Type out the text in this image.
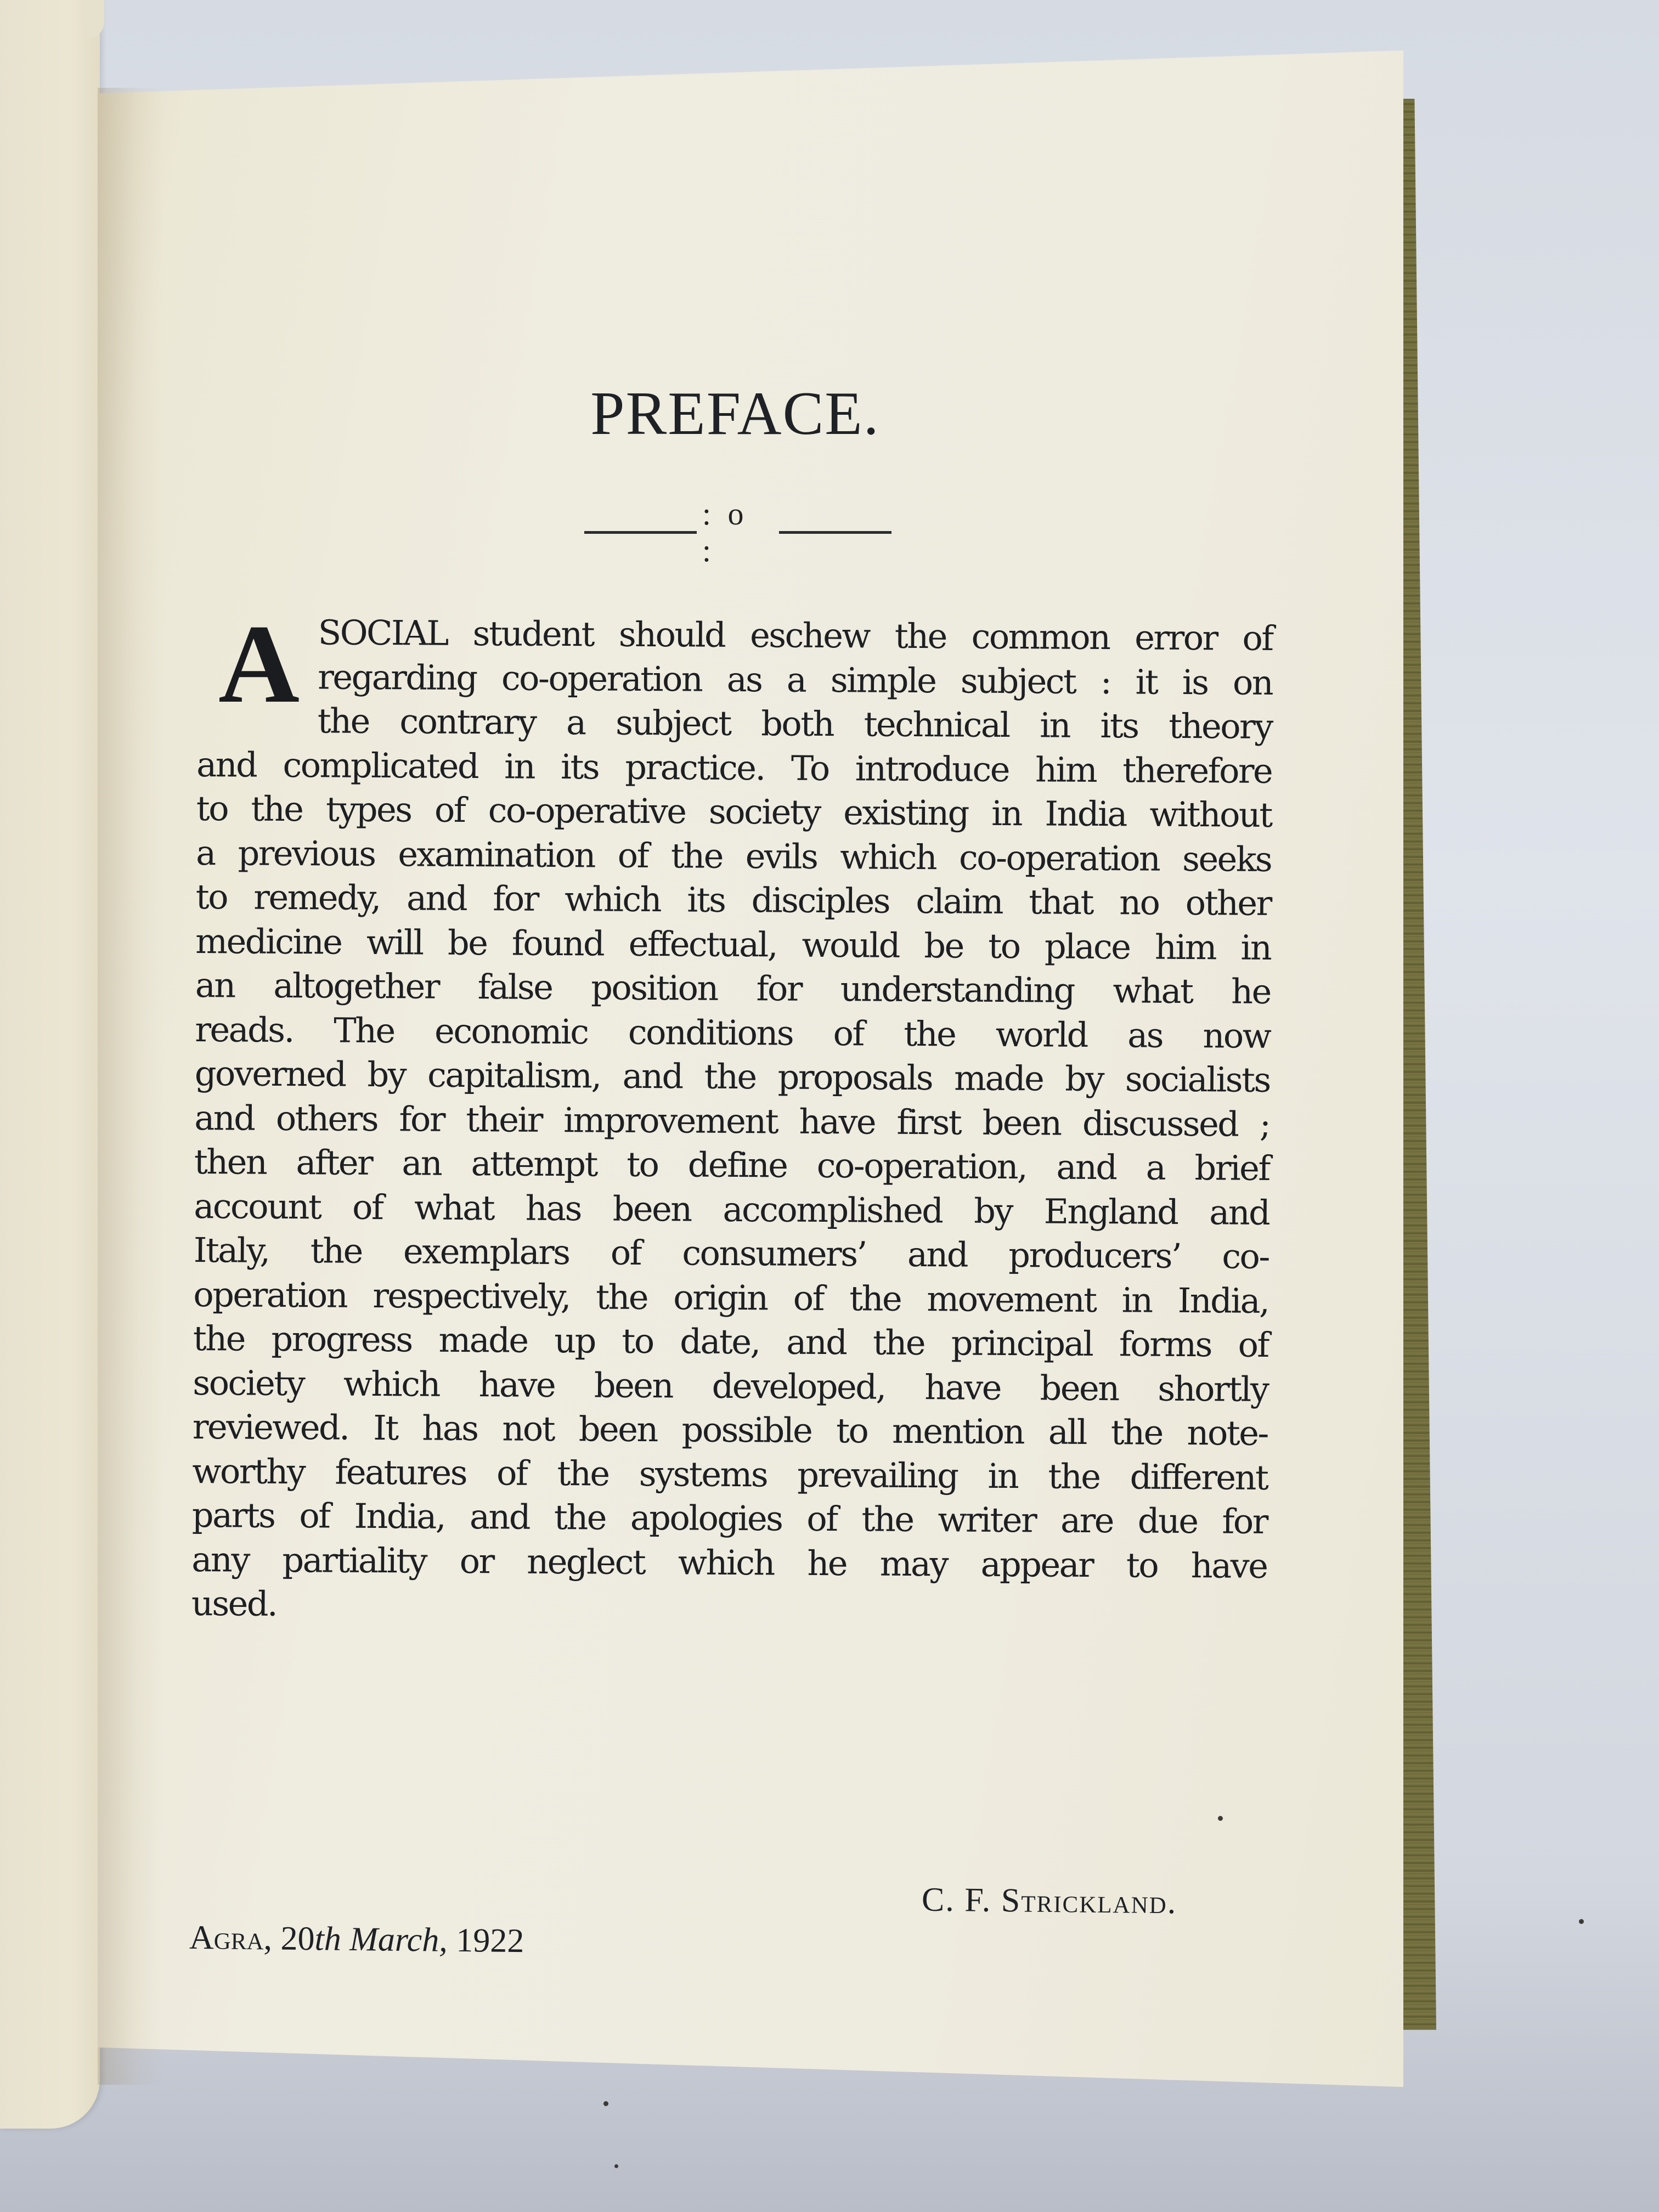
PREFACE.
: o :
A SOCIAL student should eschew the common error of
regarding co-operation as a simple subject : it is on
the contrary a subject both technical in its theory
and complicated in its practice. To introduce him therefore
to the types of co-operative society existing in India without
a previous examination of the evils which co-operation seeks
to remedy, and for which its disciples claim that no other
medicine will be found effectual, would be to place him in
an altogether false position for understanding what he
reads. The economic conditions of the world as now
governed by capitalism, and the proposals made by socialists
and others for their improvement have first been discussed ;
then after an attempt to define co-operation, and a brief
account of what has been accomplished by England and
Italy, the exemplars of consumers’ and producers’ co-
operation respectively, the origin of the movement in India,
the progress made up to date, and the principal forms of
society which have been developed, have been shortly
reviewed. It has not been possible to mention all the note-
worthy features of the systems prevailing in the different
parts of India, and the apologies of the writer are due for
any partiality or neglect which he may appear to have
used.
C. F. Strickland.
Agra, 20th March, 1922
